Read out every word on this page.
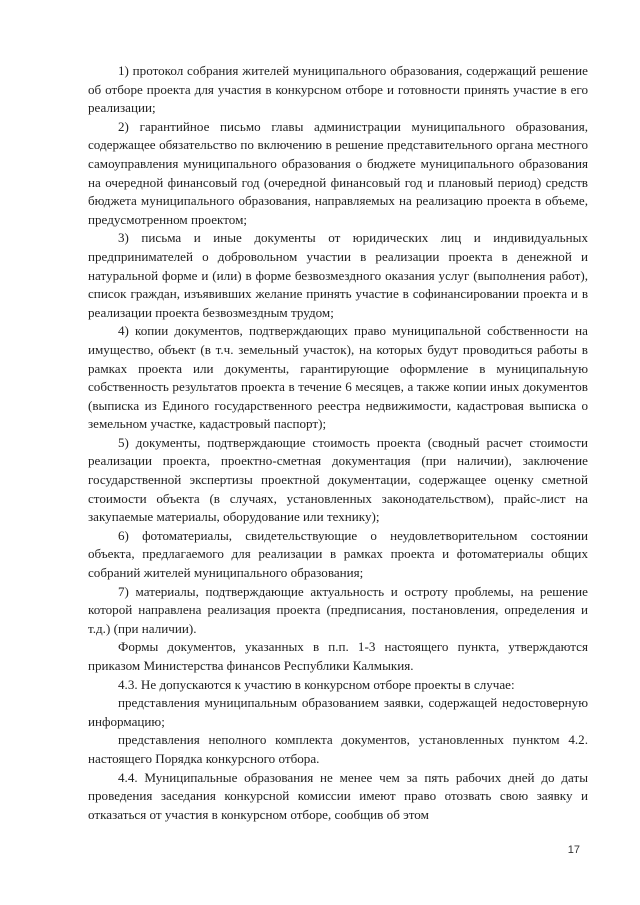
1) протокол собрания жителей муниципального образования, содержащий решение об отборе проекта для участия в конкурсном отборе и готовности принять участие в его реализации;

2) гарантийное письмо главы администрации муниципального образования, содержащее обязательство по включению в решение представительного органа местного самоуправления муниципального образования о бюджете муниципального образования на очередной финансовый год (очередной финансовый год и плановый период) средств бюджета муниципального образования, направляемых на реализацию проекта в объеме, предусмотренном проектом;

3) письма и иные документы от юридических лиц и индивидуальных предпринимателей о добровольном участии в реализации проекта в денежной и натуральной форме и (или) в форме безвозмездного оказания услуг (выполнения работ), список граждан, изъявивших желание принять участие в софинансировании проекта и в реализации проекта безвозмездным трудом;

4) копии документов, подтверждающих право муниципальной собственности на имущество, объект (в т.ч. земельный участок), на которых будут проводиться работы в рамках проекта или документы, гарантирующие оформление в муниципальную собственность результатов проекта в течение 6 месяцев, а также копии иных документов (выписка из Единого государственного реестра недвижимости, кадастровая выписка о земельном участке, кадастровый паспорт);

5) документы, подтверждающие стоимость проекта (сводный расчет стоимости реализации проекта, проектно-сметная документация (при наличии), заключение государственной экспертизы проектной документации, содержащее оценку сметной стоимости объекта (в случаях, установленных законодательством), прайс-лист на закупаемые материалы, оборудование или технику);

6) фотоматериалы, свидетельствующие о неудовлетворительном состоянии объекта, предлагаемого для реализации в рамках проекта и фотоматериалы общих собраний жителей муниципального образования;

7) материалы, подтверждающие актуальность и остроту проблемы, на решение которой направлена реализация проекта (предписания, постановления, определения и т.д.) (при наличии).

Формы документов, указанных в п.п. 1-3 настоящего пункта, утверждаются приказом Министерства финансов Республики Калмыкия.

4.3. Не допускаются к участию в конкурсном отборе проекты в случае:

представления муниципальным образованием заявки, содержащей недостоверную информацию;

представления неполного комплекта документов, установленных пунктом 4.2. настоящего Порядка конкурсного отбора.

4.4. Муниципальные образования не менее чем за пять рабочих дней до даты проведения заседания конкурсной комиссии имеют право отозвать свою заявку и отказаться от участия в конкурсном отборе, сообщив об этом

17
